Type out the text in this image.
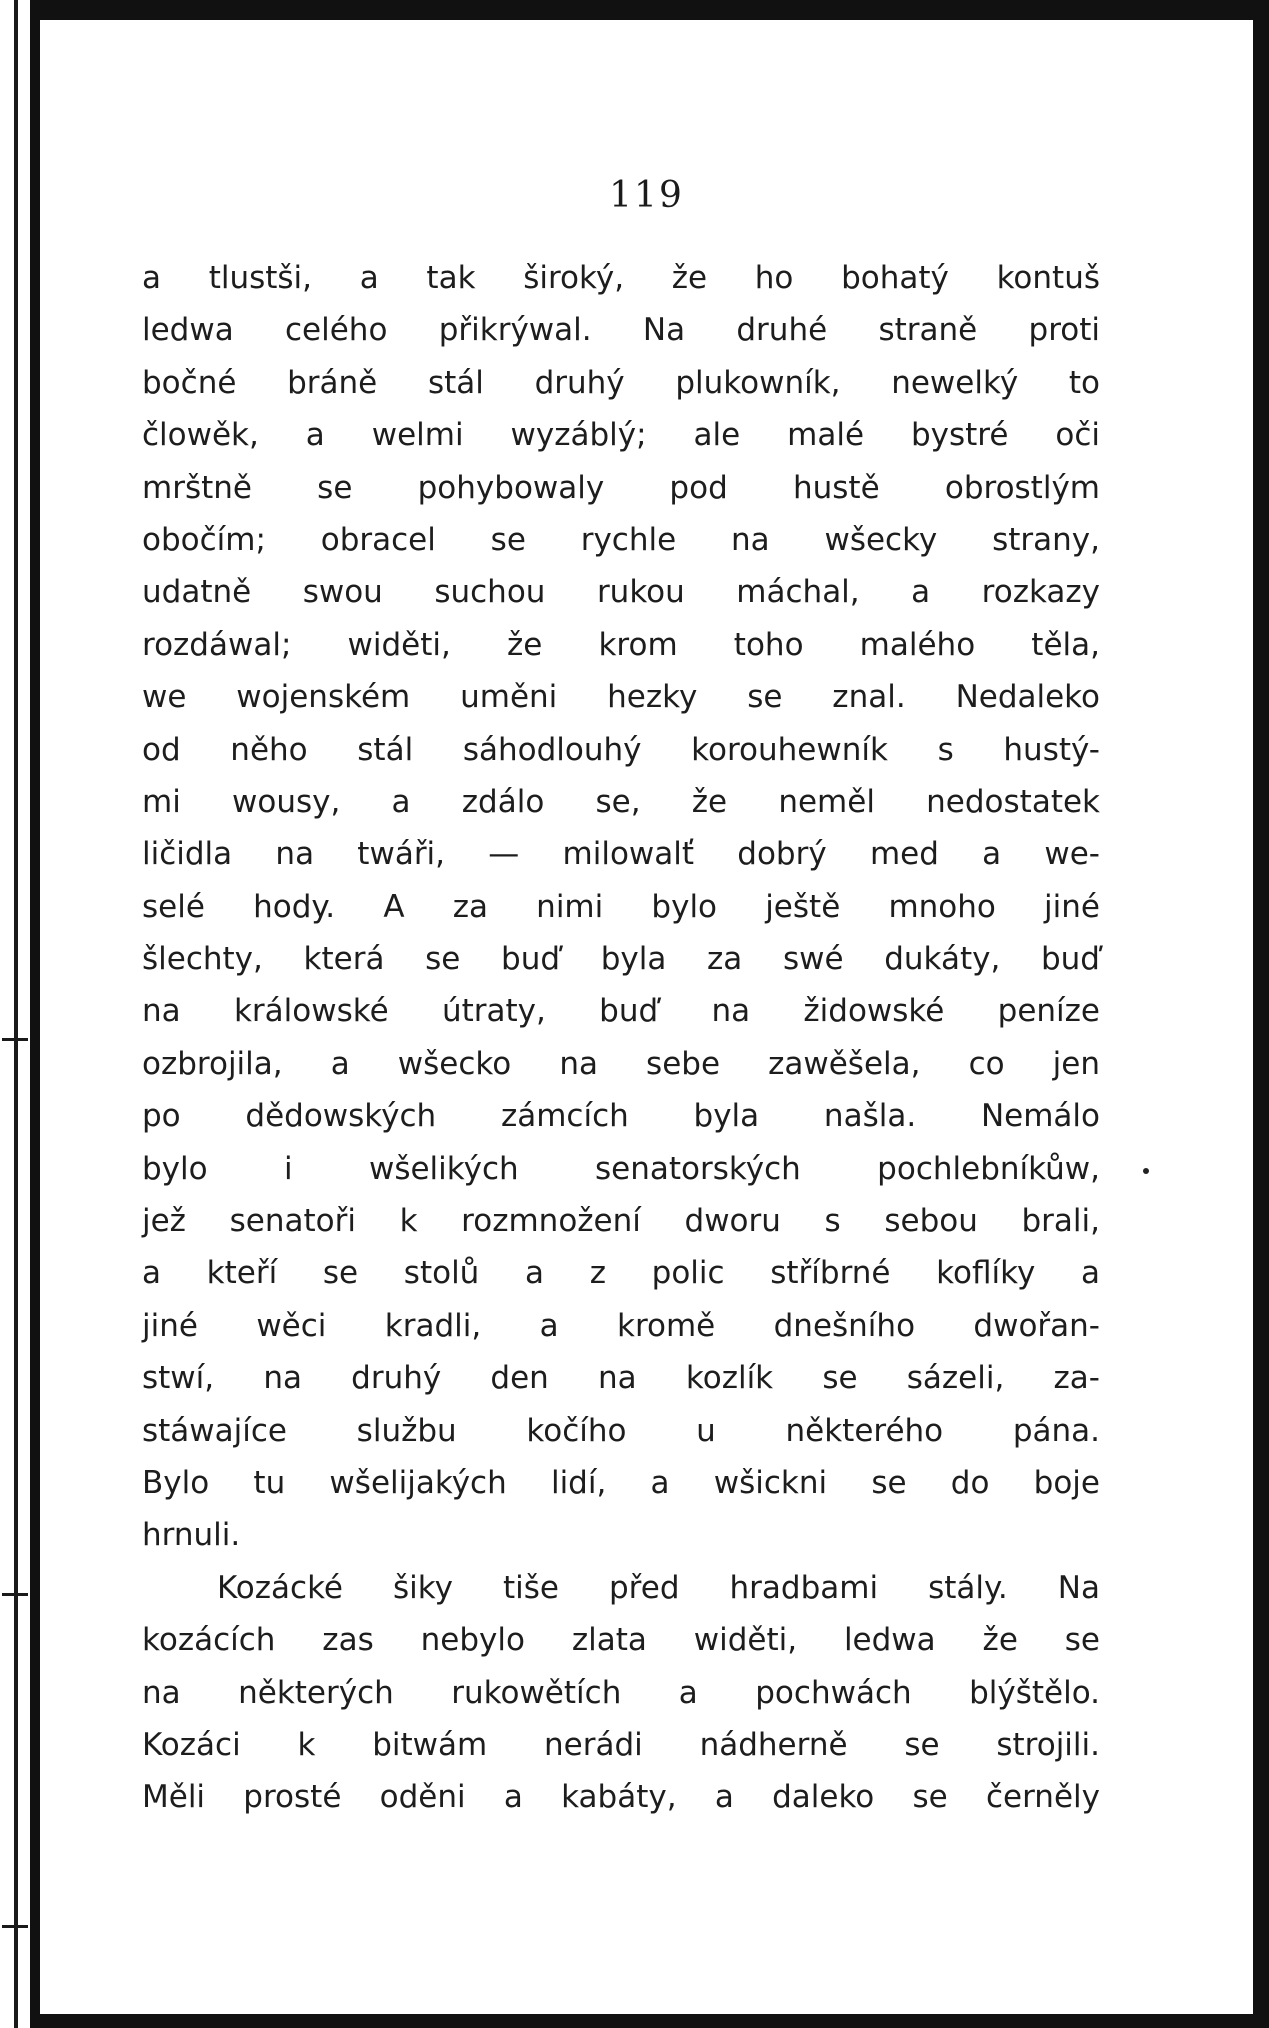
119
a tlustši, a tak široký, že ho bohatý kontuš
ledwa celého přikrýwal. Na druhé straně proti
bočné bráně stál druhý plukowník, newelký to
člowěk, a welmi wyzáblý; ale malé bystré oči
mrštně se pohybowaly pod hustě obrostlým
obočím; obracel se rychle na wšecky strany,
udatně swou suchou rukou máchal, a rozkazy
rozdáwal; widěti, že krom toho malého těla,
we wojenském uměni hezky se znal. Nedaleko
od něho stál sáhodlouhý korouhewník s hustý-
mi wousy, a zdálo se, že neměl nedostatek
ličidla na twáři, — milowalť dobrý med a we-
selé hody. A za nimi bylo ještě mnoho jiné
šlechty, která se buď byla za swé dukáty, buď
na králowské útraty, buď na židowské peníze
ozbrojila, a wšecko na sebe zawěšela, co jen
po dědowských zámcích byla našla. Nemálo
bylo i wšelikých senatorských pochlebníkůw,
jež senatoři k rozmnožení dworu s sebou brali,
a kteří se stolů a z polic stříbrné koflíky a
jiné wěci kradli, a kromě dnešního dwořan-
stwí, na druhý den na kozlík se sázeli, za-
stáwajíce službu kočího u některého pána.
Bylo tu wšelijakých lidí, a wšickni se do boje
hrnuli.
Kozácké šiky tiše před hradbami stály. Na
kozácích zas nebylo zlata widěti, ledwa že se
na některých rukowětích a pochwách blýštělo.
Kozáci k bitwám nerádi nádherně se strojili.
Měli prosté oděni a kabáty, a daleko se černěly
